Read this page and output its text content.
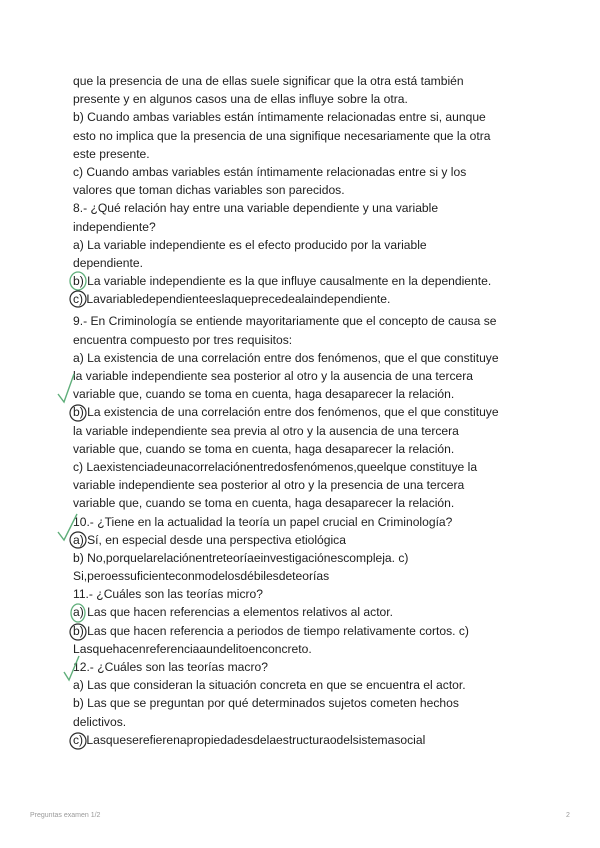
que la presencia de una de ellas suele significar que la otra está también
presente y en algunos casos una de ellas influye sobre la otra.
b) Cuando ambas variables están íntimamente relacionadas entre si, aunque
esto no implica que la presencia de una signifique necesariamente que la otra
este presente.
c) Cuando ambas variables están íntimamente relacionadas entre si y los
valores que toman dichas variables son parecidos.
8.- ¿Qué relación hay entre una variable dependiente y una variable
independiente?
a) La variable independiente es el efecto producido por la variable
dependiente.
b) La variable independiente es la que influye causalmente en la dependiente.
c) Lavariabledependienteeslaqueprecedealaindependiente.
9.- En Criminología se entiende mayoritariamente que el concepto de causa se
encuentra compuesto por tres requisitos:
a) La existencia de una correlación entre dos fenómenos, que el que constituye
la variable independiente sea posterior al otro y la ausencia de una tercera
variable que, cuando se toma en cuenta, haga desaparecer la relación.
b) La existencia de una correlación entre dos fenómenos, que el que constituye
la variable independiente sea previa al otro y la ausencia de una tercera
variable que, cuando se toma en cuenta, haga desaparecer la relación.
c) Laexistenciadeunacorrelaciónentredosfenómenos,queelque constituye la
variable independiente sea posterior al otro y la presencia de una tercera
variable que, cuando se toma en cuenta, haga desaparecer la relación.
10.- ¿Tiene en la actualidad la teoría un papel crucial en Criminología?
a) Sí, en especial desde una perspectiva etiológica
b) No,porquelarelaciónentreteoríaeinvestigaciónescompleja. c)
Si,peroessuficienteconmodelosdébilesdeteorías
11.- ¿Cuáles son las teorías micro?
a) Las que hacen referencias a elementos relativos al actor.
b) Las que hacen referencia a periodos de tiempo relativamente cortos. c)
Lasquehacenreferenciaaundelitoenconcreto.
12.- ¿Cuáles son las teorías macro?
a) Las que consideran la situación concreta en que se encuentra el actor.
b) Las que se preguntan por qué determinados sujetos cometen hechos
delictivos.
c) Lasqueserefierenapropiedadesdelaestructuraodelsistemasocial
Preguntas examen 1/2	2
